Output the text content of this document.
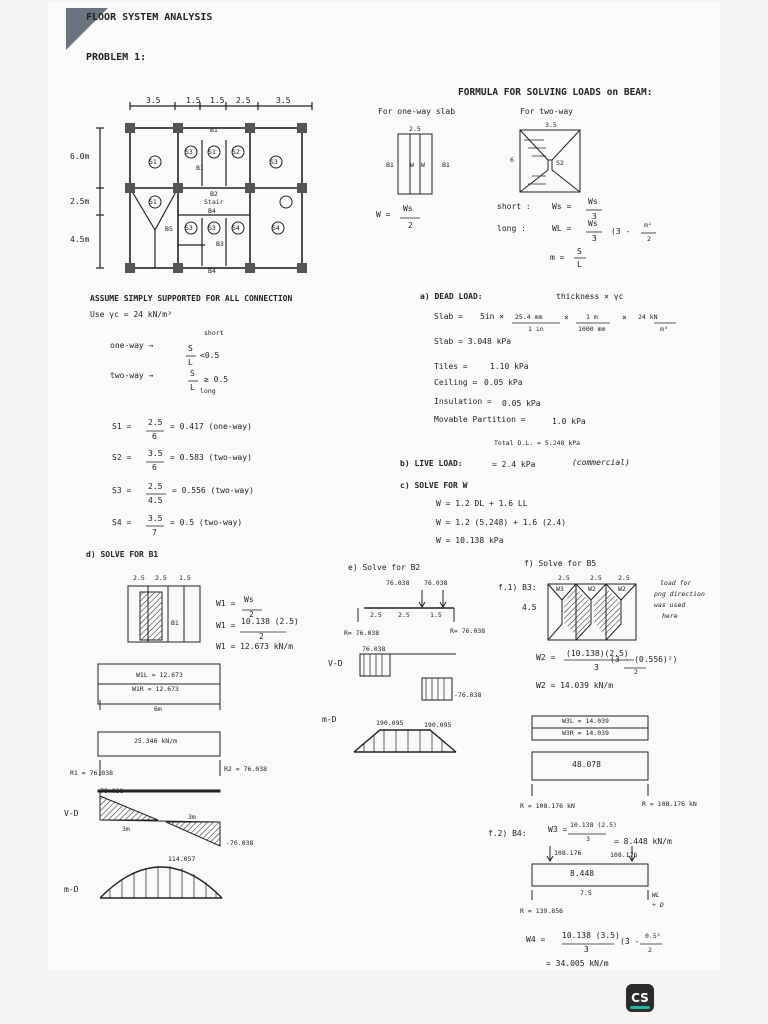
FLOOR SYSTEM ANALYSIS
PROBLEM 1:
3.5	1.5 1.5 2.5	3.5
6.0m
2.5m
4.5m
S1
S3 S1 S2
S3
S1
S3 S3 S4	S4
B1
B2
Stair
B4
B1
B5
B3
B4
FORMULA FOR SOLVING LOADS on BEAM:
For one-way slab	For two-way
2.5	3.5
6
B1 W W	B1	S2
W =
Ws
2
short :	Ws =
Ws
3
long :	WL =
Ws
3
(3 -
m²
2
m =
S
L
ASSUME SIMPLY SUPPORTED FOR ALL CONNECTION
Use γc = 24 kN/m³
one-way →	S
L
<0.5
short
two-way →	S
L
≥ 0.5
long
S1 = 2.5
6
= 0.417 (one-way)
S2 = 3.5
6
= 0.583 (two-way)
S3 = 2.5
4.5
= 0.556 (two-way)
S4 = 3.5
7
= 0.5 (two-way)
a) DEAD LOAD:	thickness × γc
Slab = 5in × 25.4 mm
1 in
×	1 m
1000 mm
× 24 kN
m³
Slab = 3.048 kPa
Tiles =	1.10 kPa
Ceiling = 0.05 kPa
Insulation = 0.05 kPa
Movable Partition =	1.0 kPa
Total D.L. = 5.248 kPa
b) LIVE LOAD:	= 2.4 kPa	(commercial)
c) SOLVE FOR W
W = 1.2 DL + 1.6 LL
W = 1.2 (5.248) + 1.6 (2.4)
W = 10.138 kPa
d) SOLVE FOR B1
2.5 2.5 1.5
B1
W1 = Ws
2
W1 = 10.138 (2.5)
2
W1 = 12.673 kN/m
W1L = 12.673
W1R = 12.673
6m
25.346 kN/m
R1 = 76.038	R2 = 76.038
V-D
76.038
-76.038
3m
3m
m-D
114.057
e) Solve for B2
76.038 76.038
2.5	2.5	1.5
R= 76.038	R= 76.038
V-D
76.038
-76.038
m-D	190.095	190.095
f) Solve for B5
f.1) B3:
2.5	2.5	2.5
4.5
W3	W2	W2
load for
png direction
was used
here
W2 = (10.138)(2.5)
3
(3 - (0.556)²)
2
W2 = 14.039 kN/m
W3L = 14.039
W3R = 14.039
48.078
R = 108.176 kN	R = 108.176 kN
f.2) B4:	W3 = 10.138 (2.5)
3	= 8.448 kN/m
108.176	108.176
8.448
7.5	WL
+ D
R = 139.856
W4 = 10.138 (3.5)
3
(3 -
0.5²
2
= 34.005 kN/m
CS
